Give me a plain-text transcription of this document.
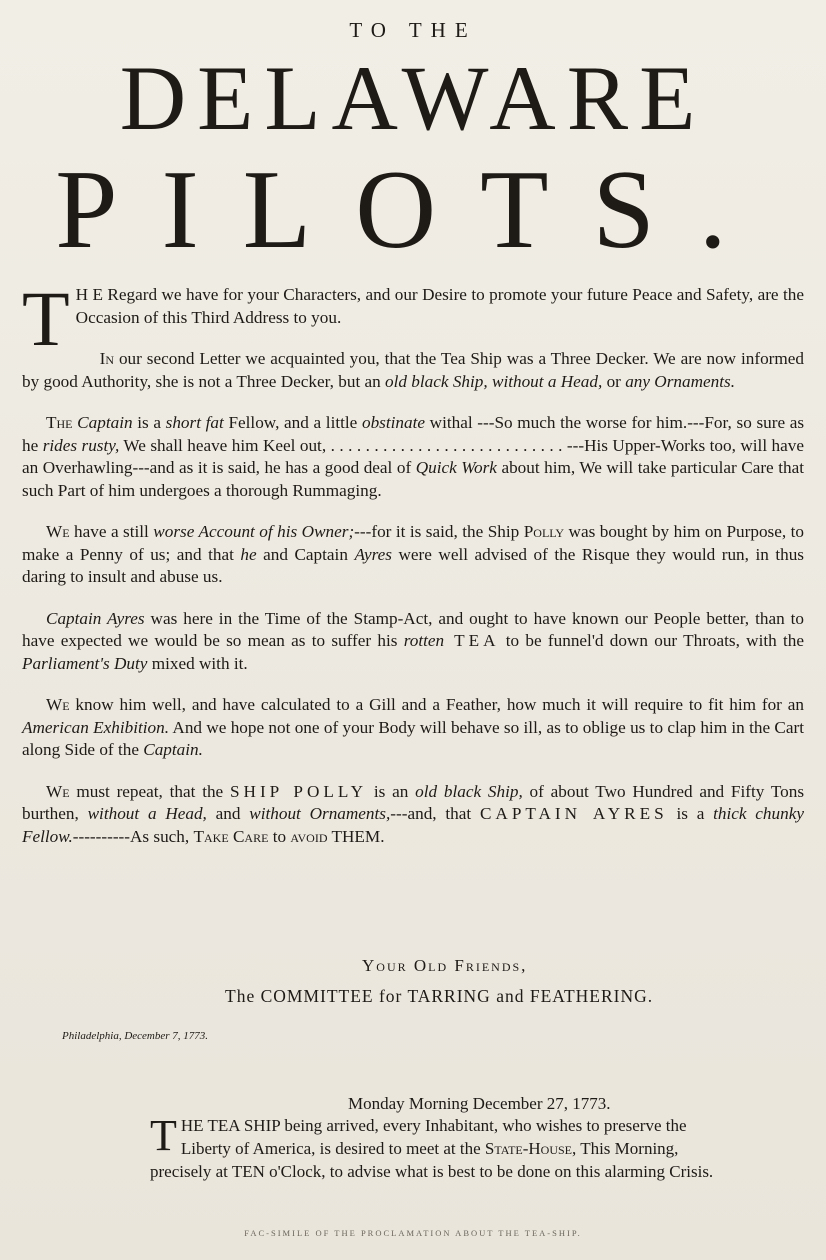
TO THE
DELAWARE
PILOTS.

T H E Regard we have for your Characters, and our Desire to promote your future Peace and Safety, are the Occasion of this Third Address to you.

In our second Letter we acquainted you, that the Tea Ship was a Three Decker. We are now informed by good Authority, she is not a Three Decker, but an old black Ship, without a Head, or any Ornaments.

The Captain is a short fat Fellow, and a little obstinate withal ---So much the worse for him.---For, so sure as he rides rusty, We shall heave him Keel out, . . . . . . . . . . . . . . . . . . . . . . . . . . . ---His Upper-Works too, will have an Overhawling---and as it is said, he has a good deal of Quick Work about him, We will take particular Care that such Part of him undergoes a thorough Rummaging.

We have a still worse Account of his Owner;---for it is said, the Ship Polly was bought by him on Purpose, to make a Penny of us; and that he and Captain Ayres were well advised of the Risque they would run, in thus daring to insult and abuse us.

Captain Ayres was here in the Time of the Stamp-Act, and ought to have known our People better, than to have expected we would be so mean as to suffer his rotten TEA to be funnel'd down our Throats, with the Parliament's Duty mixed with it.

We know him well, and have calculated to a Gill and a Feather, how much it will require to fit him for an American Exhibition. And we hope not one of your Body will behave so ill, as to oblige us to clap him in the Cart along Side of the Captain.

We must repeat, that the SHIP POLLY is an old black Ship, of about Two Hundred and Fifty Tons burthen, without a Head, and without Ornaments,---and, that CAPTAIN AYRES is a thick chunky Fellow.----------As such, Take Care to avoid THEM.

Your Old Friends,
The COMMITTEE for TARRING and FEATHERING.
Philadelphia, December 7, 1773.
Monday Morning December 27, 1773.
THE TEA SHIP being arrived, every Inhabitant, who wishes to preserve the Liberty of America, is desired to meet at the State-House, This Morning, precisely at TEN o'Clock, to advise what is best to be done on this alarming Crisis.
FAC-SIMILE OF THE PROCLAMATION ABOUT THE TEA-SHIP.
